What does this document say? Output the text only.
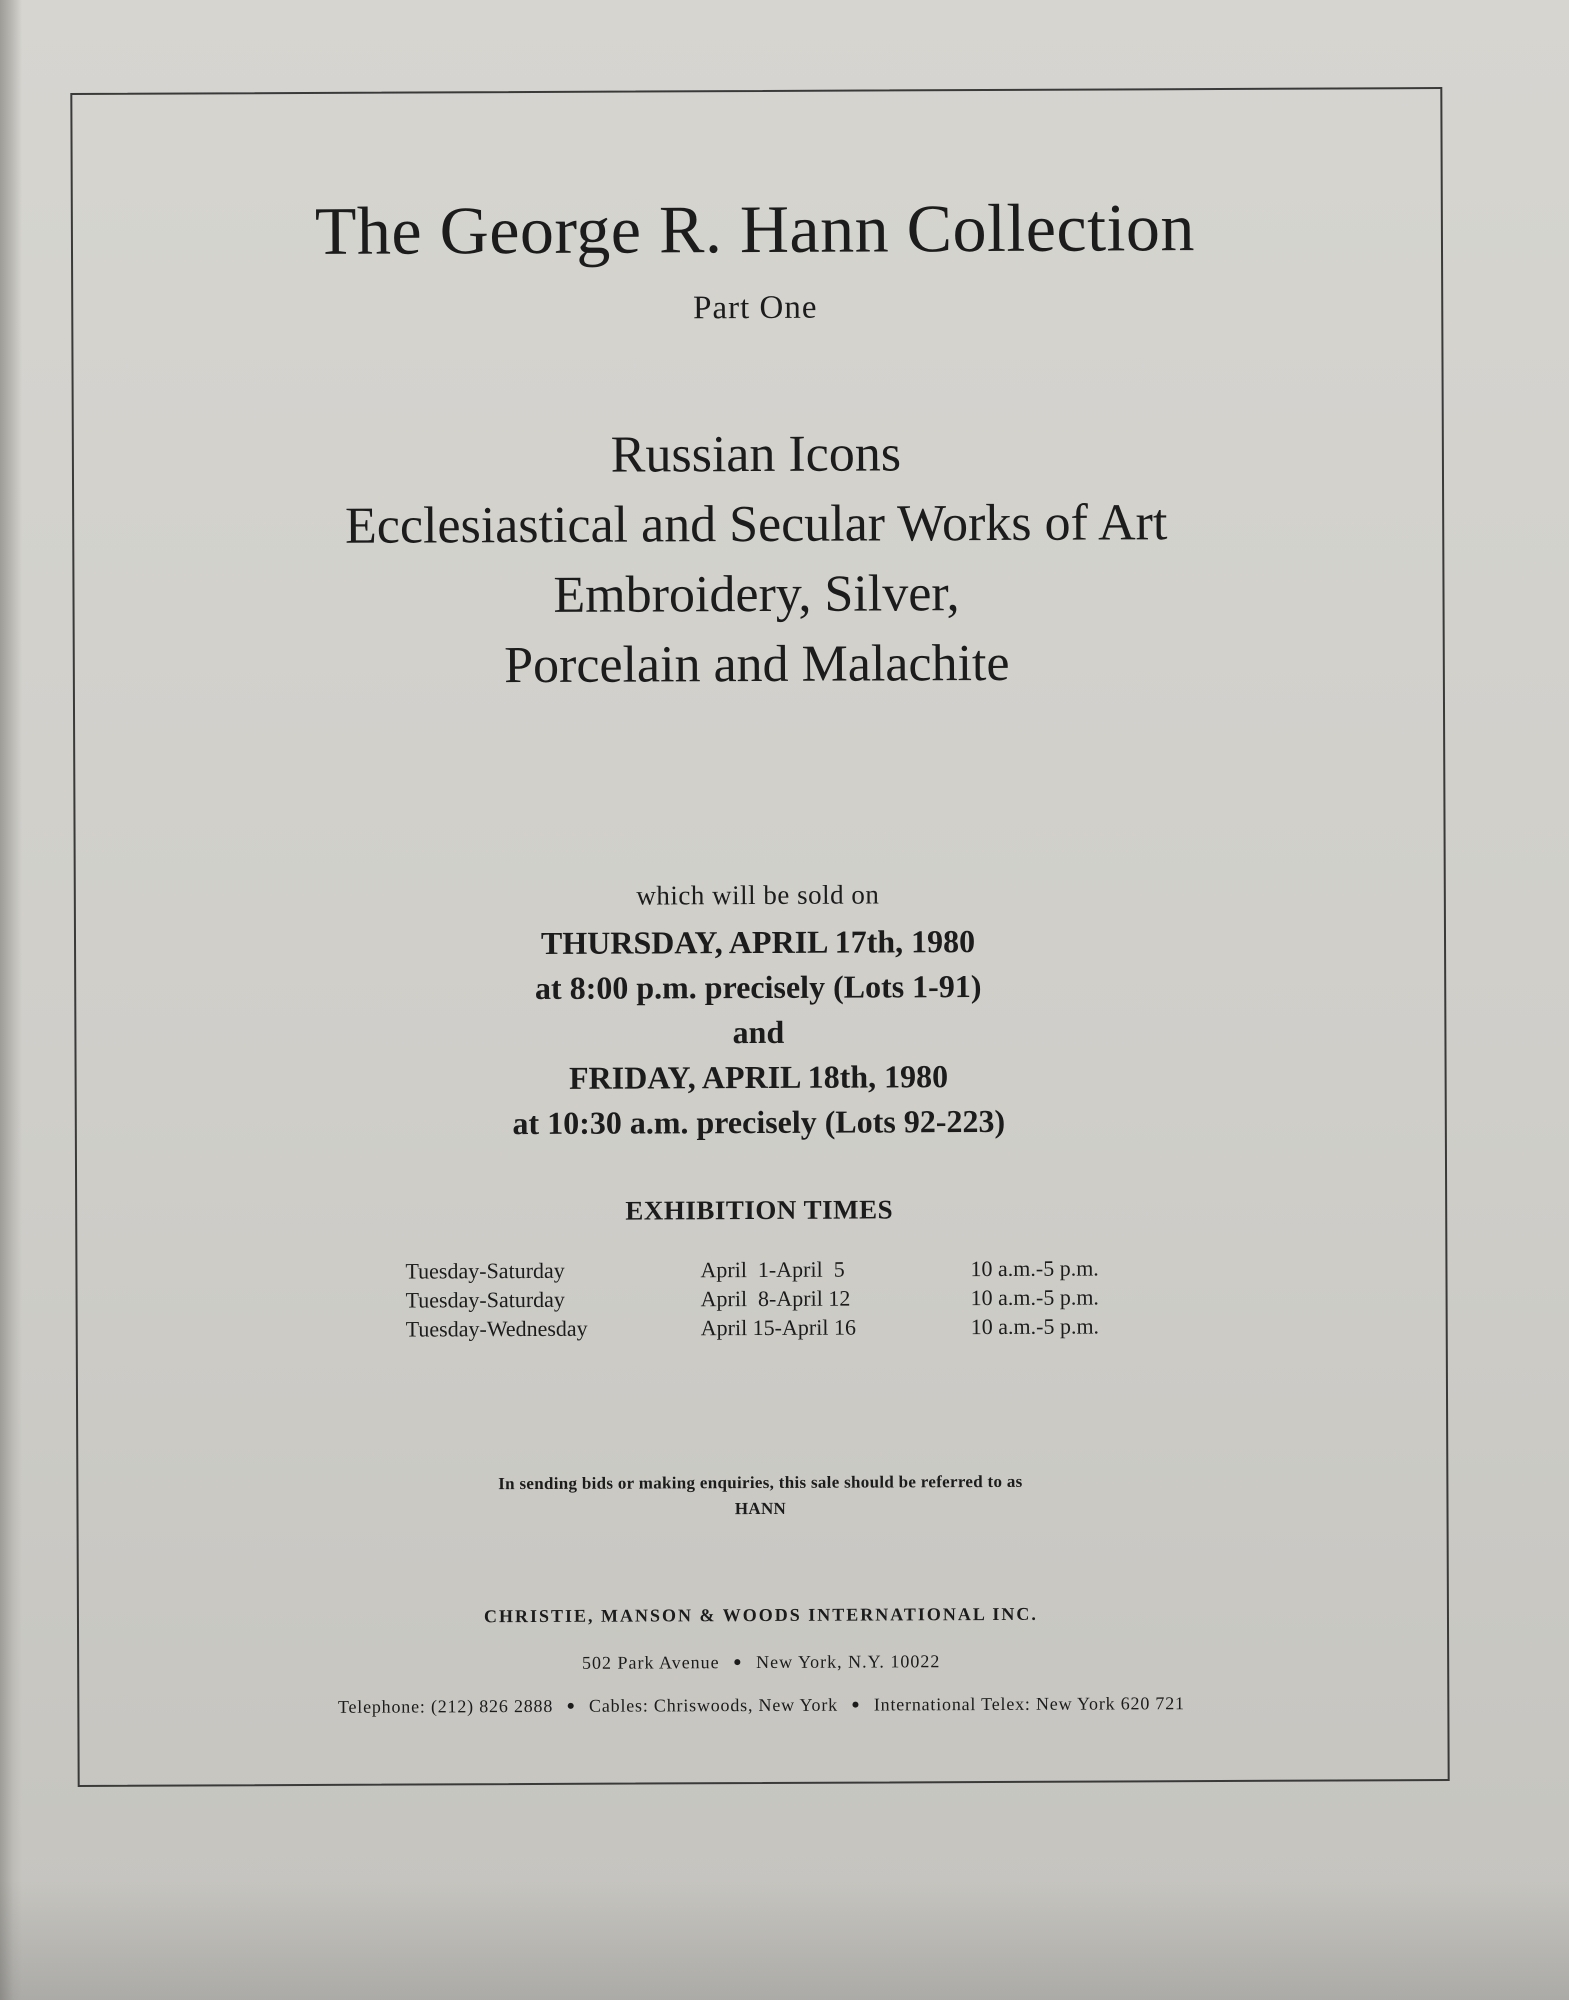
The George R. Hann Collection
Part One
Russian Icons
Ecclesiastical and Secular Works of Art
Embroidery, Silver,
Porcelain and Malachite
which will be sold on
THURSDAY, APRIL 17th, 1980
at 8:00 p.m. precisely (Lots 1-91)
and
FRIDAY, APRIL 18th, 1980
at 10:30 a.m. precisely (Lots 92-223)
EXHIBITION TIMES
Tuesday-Saturday	April  1-April  5	10 a.m.-5 p.m.
Tuesday-Saturday	April  8-April 12	10 a.m.-5 p.m.
Tuesday-Wednesday	April 15-April 16	10 a.m.-5 p.m.
In sending bids or making enquiries, this sale should be referred to as
HANN
CHRISTIE, MANSON & WOODS INTERNATIONAL INC.
502 Park Avenue ● New York, N.Y. 10022
Telephone: (212) 826 2888 ● Cables: Chriswoods, New York ● International Telex: New York 620 721
